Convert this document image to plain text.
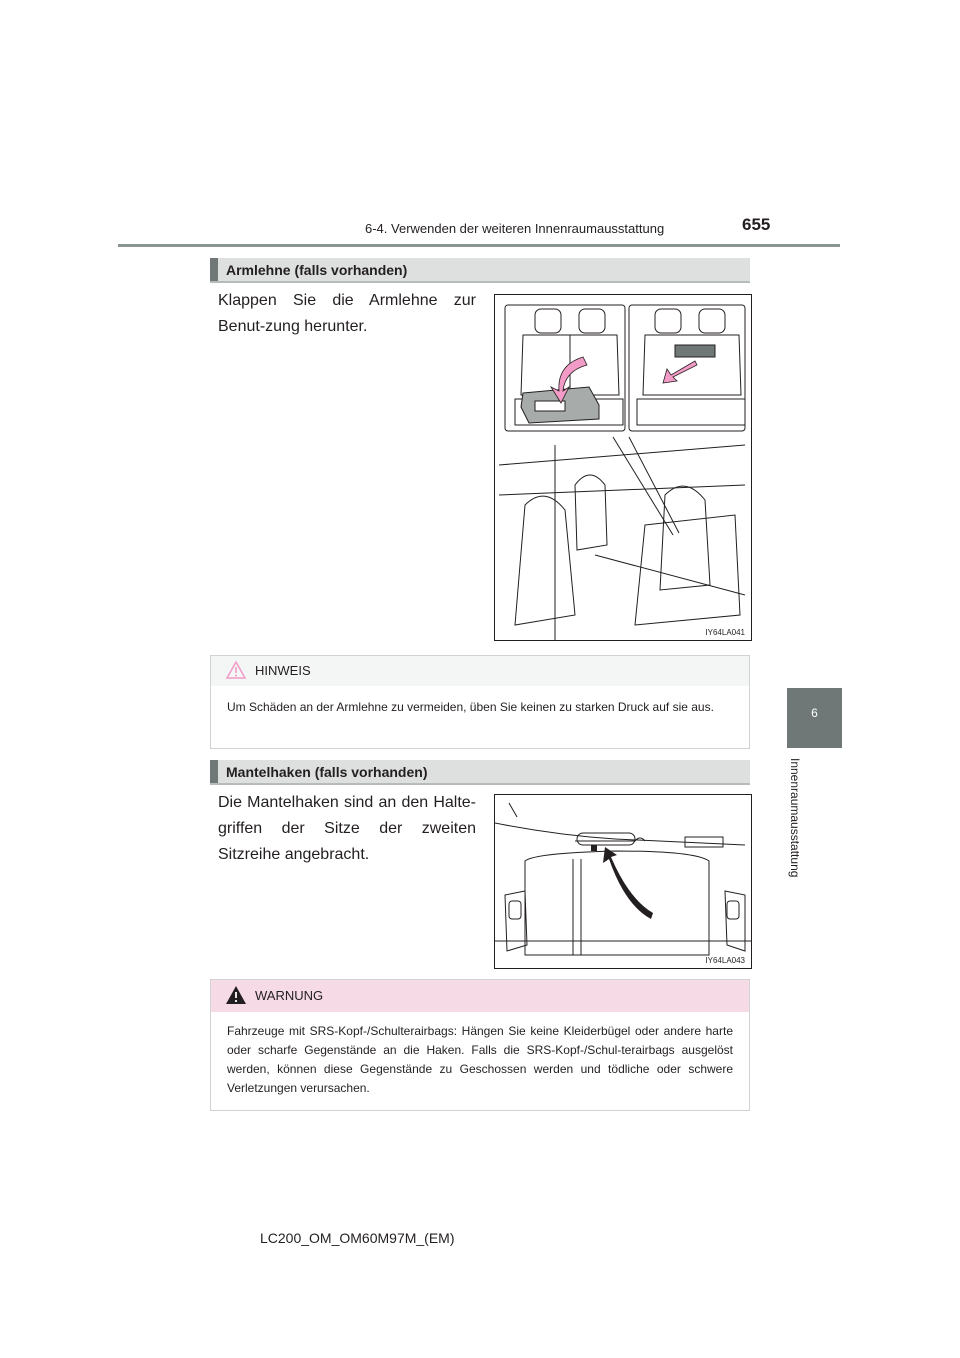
6-4. Verwenden der weiteren Innenraumausstattung	655
6
Innenraumausstattung
Armlehne (falls vorhanden)
Klappen Sie die Armlehne zur Benut-zung herunter.
IY64LA041
HINWEIS
Um Schäden an der Armlehne zu vermeiden, üben Sie keinen zu starken Druck auf sie aus.
Mantelhaken (falls vorhanden)
Die Mantelhaken sind an den Halte-griffen der Sitze der zweiten Sitzreihe angebracht.
IY64LA043
WARNUNG
Fahrzeuge mit SRS-Kopf-/Schulterairbags: Hängen Sie keine Kleiderbügel oder andere harte oder scharfe Gegenstände an die Haken. Falls die SRS-Kopf-/Schul-terairbags ausgelöst werden, können diese Gegenstände zu Geschossen werden und tödliche oder schwere Verletzungen verursachen.
LC200_OM_OM60M97M_(EM)
